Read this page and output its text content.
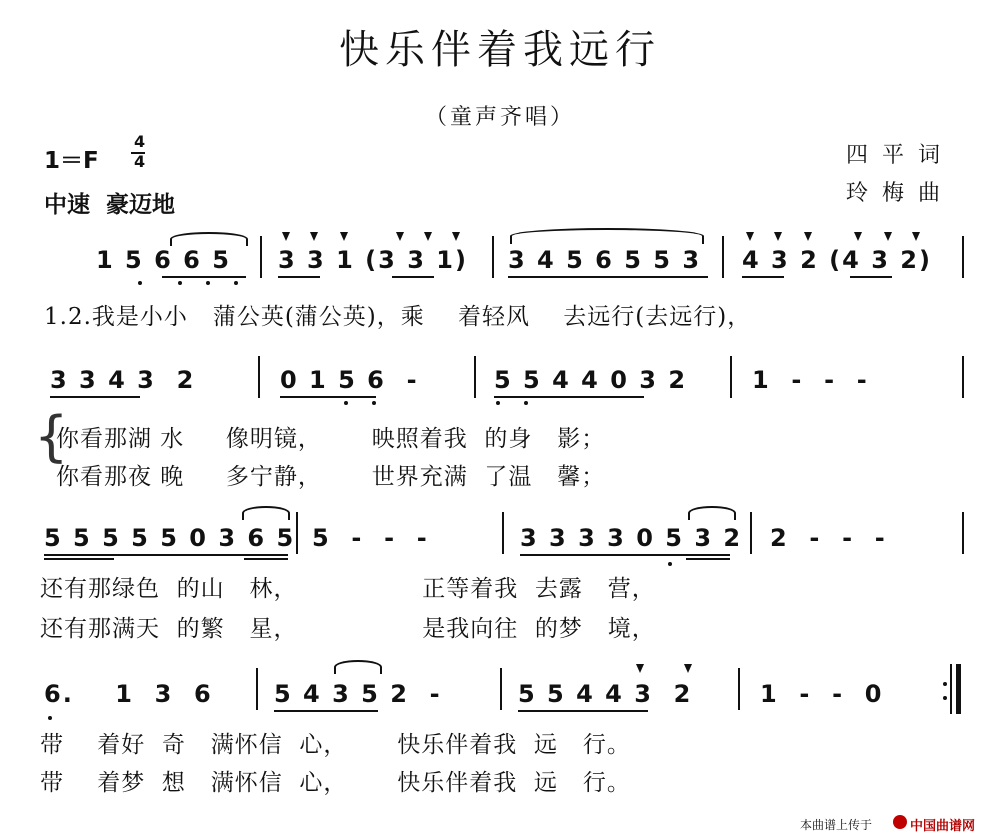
快乐伴着我远行
（童声齐唱）
1＝F
4
4
中速  豪迈地
四平词
玲梅曲
1 5 6 6 5 3 3 1 (3 3 1) 3 4 5 6 5 5 3 4 3 2 (4 3 2)
1.2.我是小小   蒲公英(蒲公英)，乘    着轻风    去远行(去远行)，
3 3 4 3  2	0 1 5 6  -	5 5 4 4 0 3 2	1  -  -  -
{
你看那湖 水     像明镜，      映照着我  的身   影；
你看那夜 晚     多宁静，      世界充满  了温   馨；
5 5 5 5 5 0 3 6 5 5  -  -  -	3 3 3 3 0 5 3 2 2  -  -  -
还有那绿色  的山   林，               正等着我  去露   营，
还有那满天  的繁   星，               是我向往  的梦   境，
6.    1  3  6	5 4 3 5 2  -	5 5 4 4 3  2	1  -  -  0
带    着好  奇   满怀信  心，      快乐伴着我  远   行。
带    着梦  想   满怀信  心，      快乐伴着我  远   行。
本曲谱上传于	中国曲谱网
